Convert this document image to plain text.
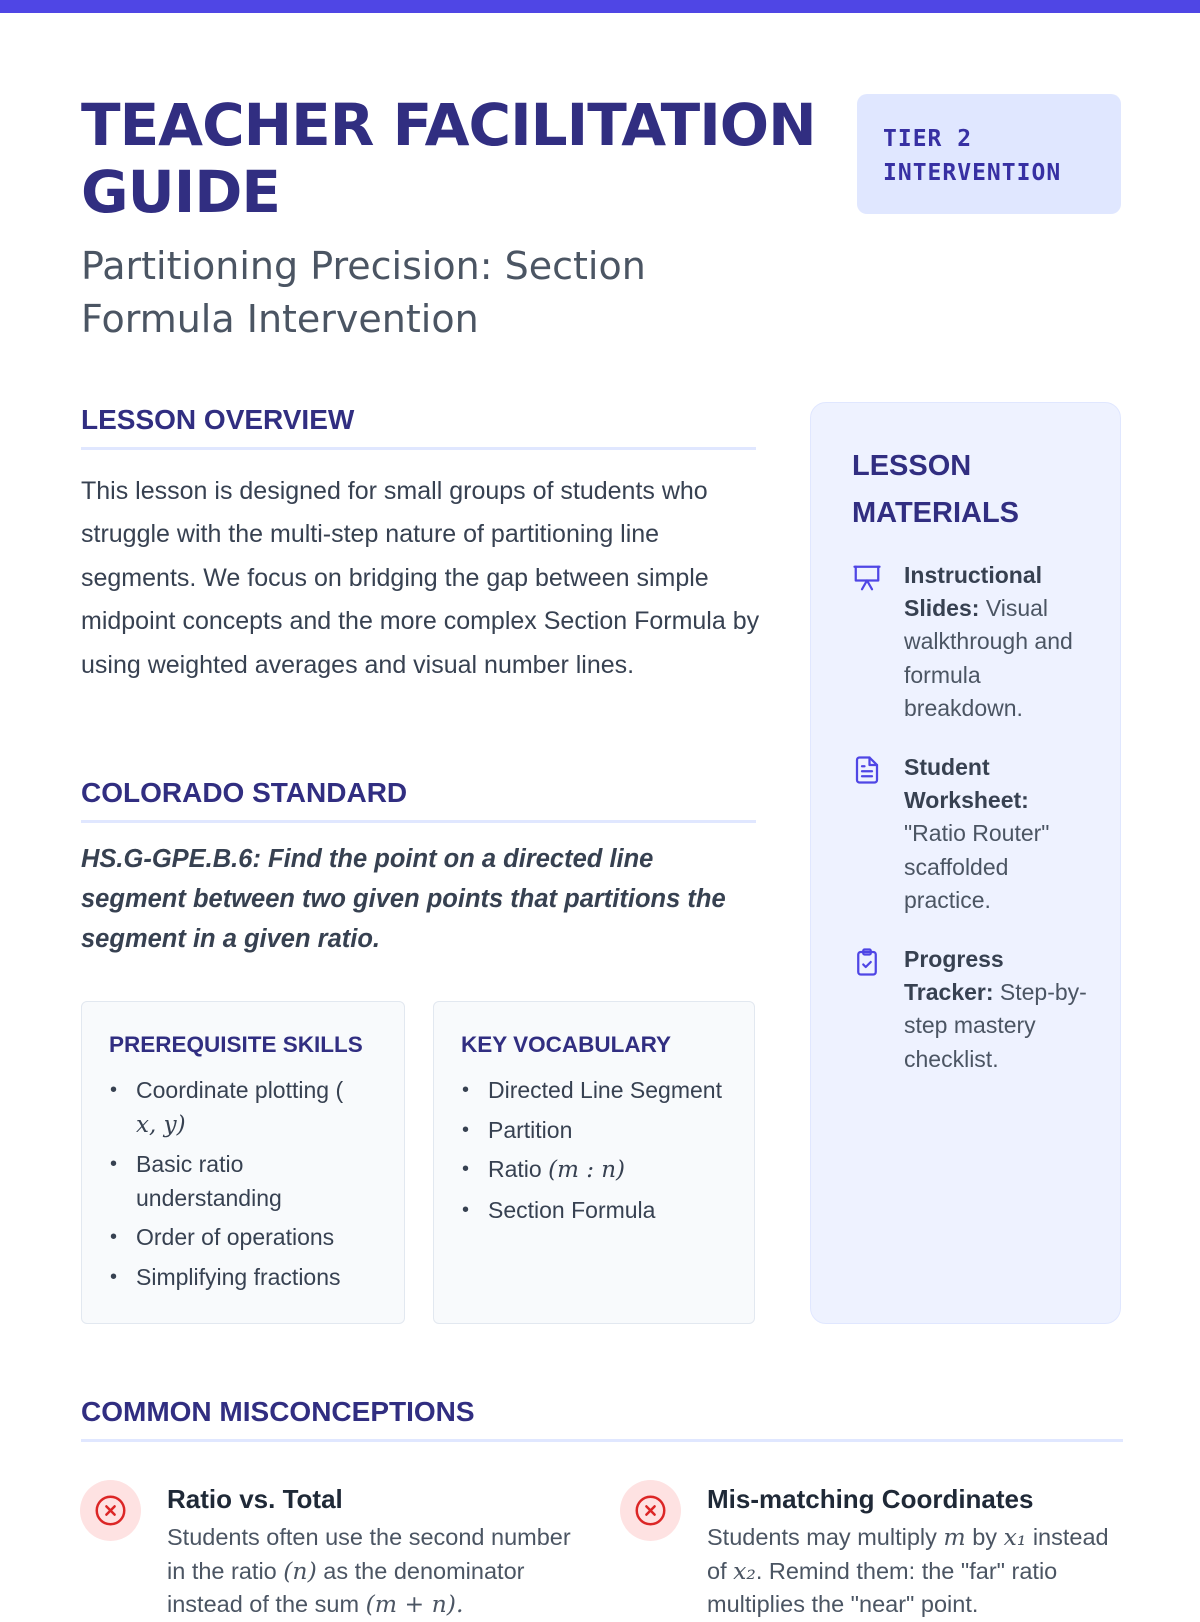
TEACHER FACILITATION GUIDE
TIER 2
INTERVENTION
Partitioning Precision: Section Formula Intervention
LESSON OVERVIEW

This lesson is designed for small groups of students who struggle with the multi-step nature of partitioning line segments. We focus on bridging the gap between simple midpoint concepts and the more complex Section Formula by using weighted averages and visual number lines.

COLORADO STANDARD

HS.G-GPE.B.6: Find the point on a directed line segment between two given points that partitions the segment in a given ratio.

PREREQUISITE SKILLS
• Coordinate plotting (
x, y)
• Basic ratio understanding
• Order of operations
• Simplifying fractions
KEY VOCABULARY
• Directed Line Segment
• Partition
• Ratio (m : n)
• Section Formula
LESSON MATERIALS
Instructional Slides: Visual walkthrough and formula breakdown.
Student Worksheet: "Ratio Router" scaffolded practice.
Progress Tracker: Step-by-step mastery checklist.
COMMON MISCONCEPTIONS
Ratio vs. Total
Students often use the second number in the ratio (n) as the denominator instead of the sum (m + n).
Mis-matching Coordinates
Students may multiply m by x₁ instead of x₂. Remind them: the "far" ratio multiplies the "near" point.
